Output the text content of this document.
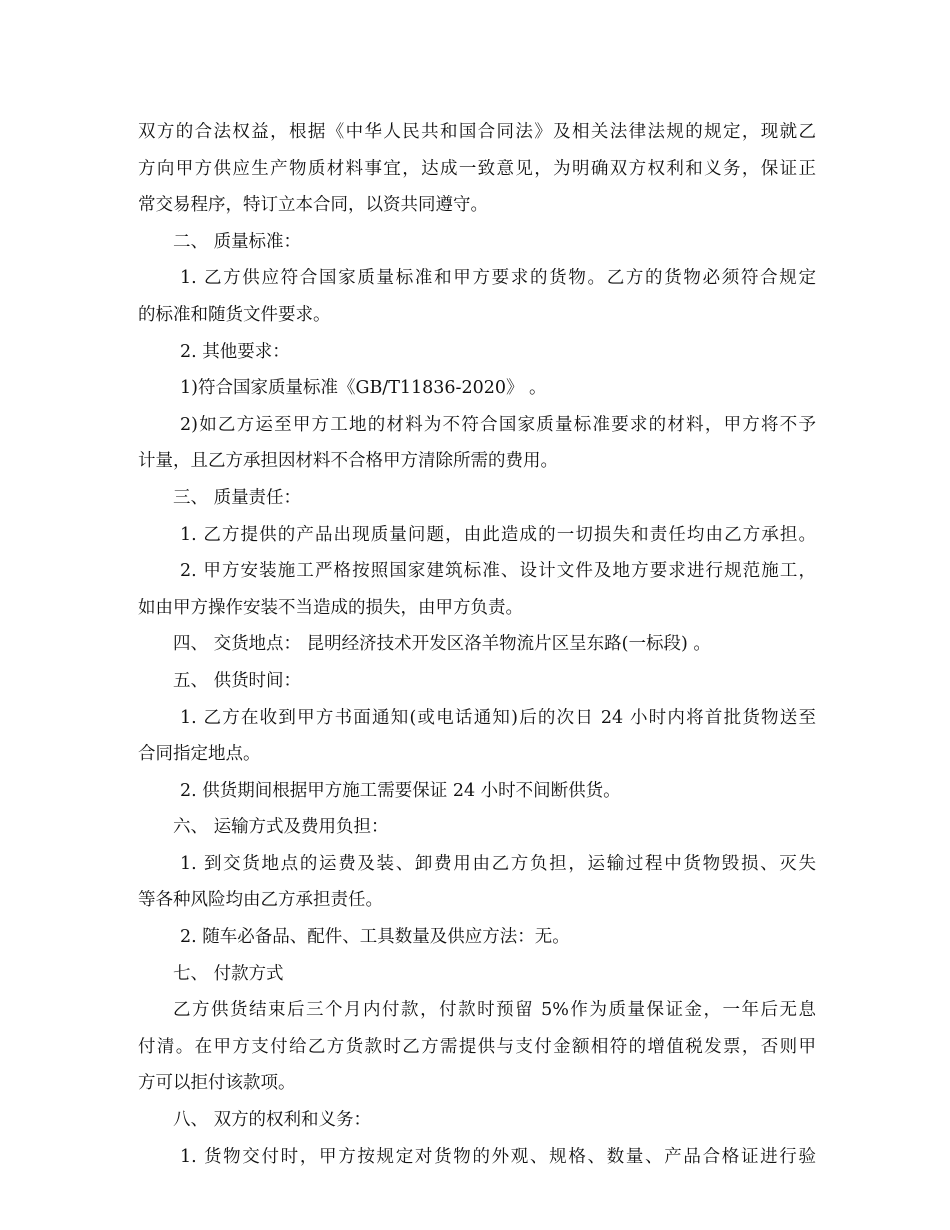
双方的合法权益，根据《中华人民共和国合同法》及相关法律法规的规定，现就乙
方向甲方供应生产物质材料事宜，达成一致意见，为明确双方权利和义务，保证正
常交易程序，特订立本合同，以资共同遵守。
二、 质量标准：
1. 乙方供应符合国家质量标准和甲方要求的货物。乙方的货物必须符合规定
的标准和随货文件要求。
2. 其他要求：
1)符合国家质量标准《GB/T11836-2020》 。
2)如乙方运至甲方工地的材料为不符合国家质量标准要求的材料，甲方将不予
计量，且乙方承担因材料不合格甲方清除所需的费用。
三、 质量责任：
1. 乙方提供的产品出现质量问题，由此造成的一切损失和责任均由乙方承担。
2. 甲方安装施工严格按照国家建筑标准、设计文件及地方要求进行规范施工，
如由甲方操作安装不当造成的损失，由甲方负责。
四、 交货地点： 昆明经济技术开发区洛羊物流片区呈东路(一标段) 。
五、 供货时间：
1. 乙方在收到甲方书面通知(或电话通知)后的次日 24 小时内将首批货物送至
合同指定地点。
2. 供货期间根据甲方施工需要保证 24 小时不间断供货。
六、 运输方式及费用负担：
1. 到交货地点的运费及装、卸费用由乙方负担，运输过程中货物毁损、灭失
等各种风险均由乙方承担责任。
2. 随车必备品、配件、工具数量及供应方法：无。
七、 付款方式
乙方供货结束后三个月内付款，付款时预留 5%作为质量保证金，一年后无息
付清。在甲方支付给乙方货款时乙方需提供与支付金额相符的增值税发票，否则甲
方可以拒付该款项。
八、 双方的权利和义务：
1. 货物交付时，甲方按规定对货物的外观、规格、数量、产品合格证进行验
